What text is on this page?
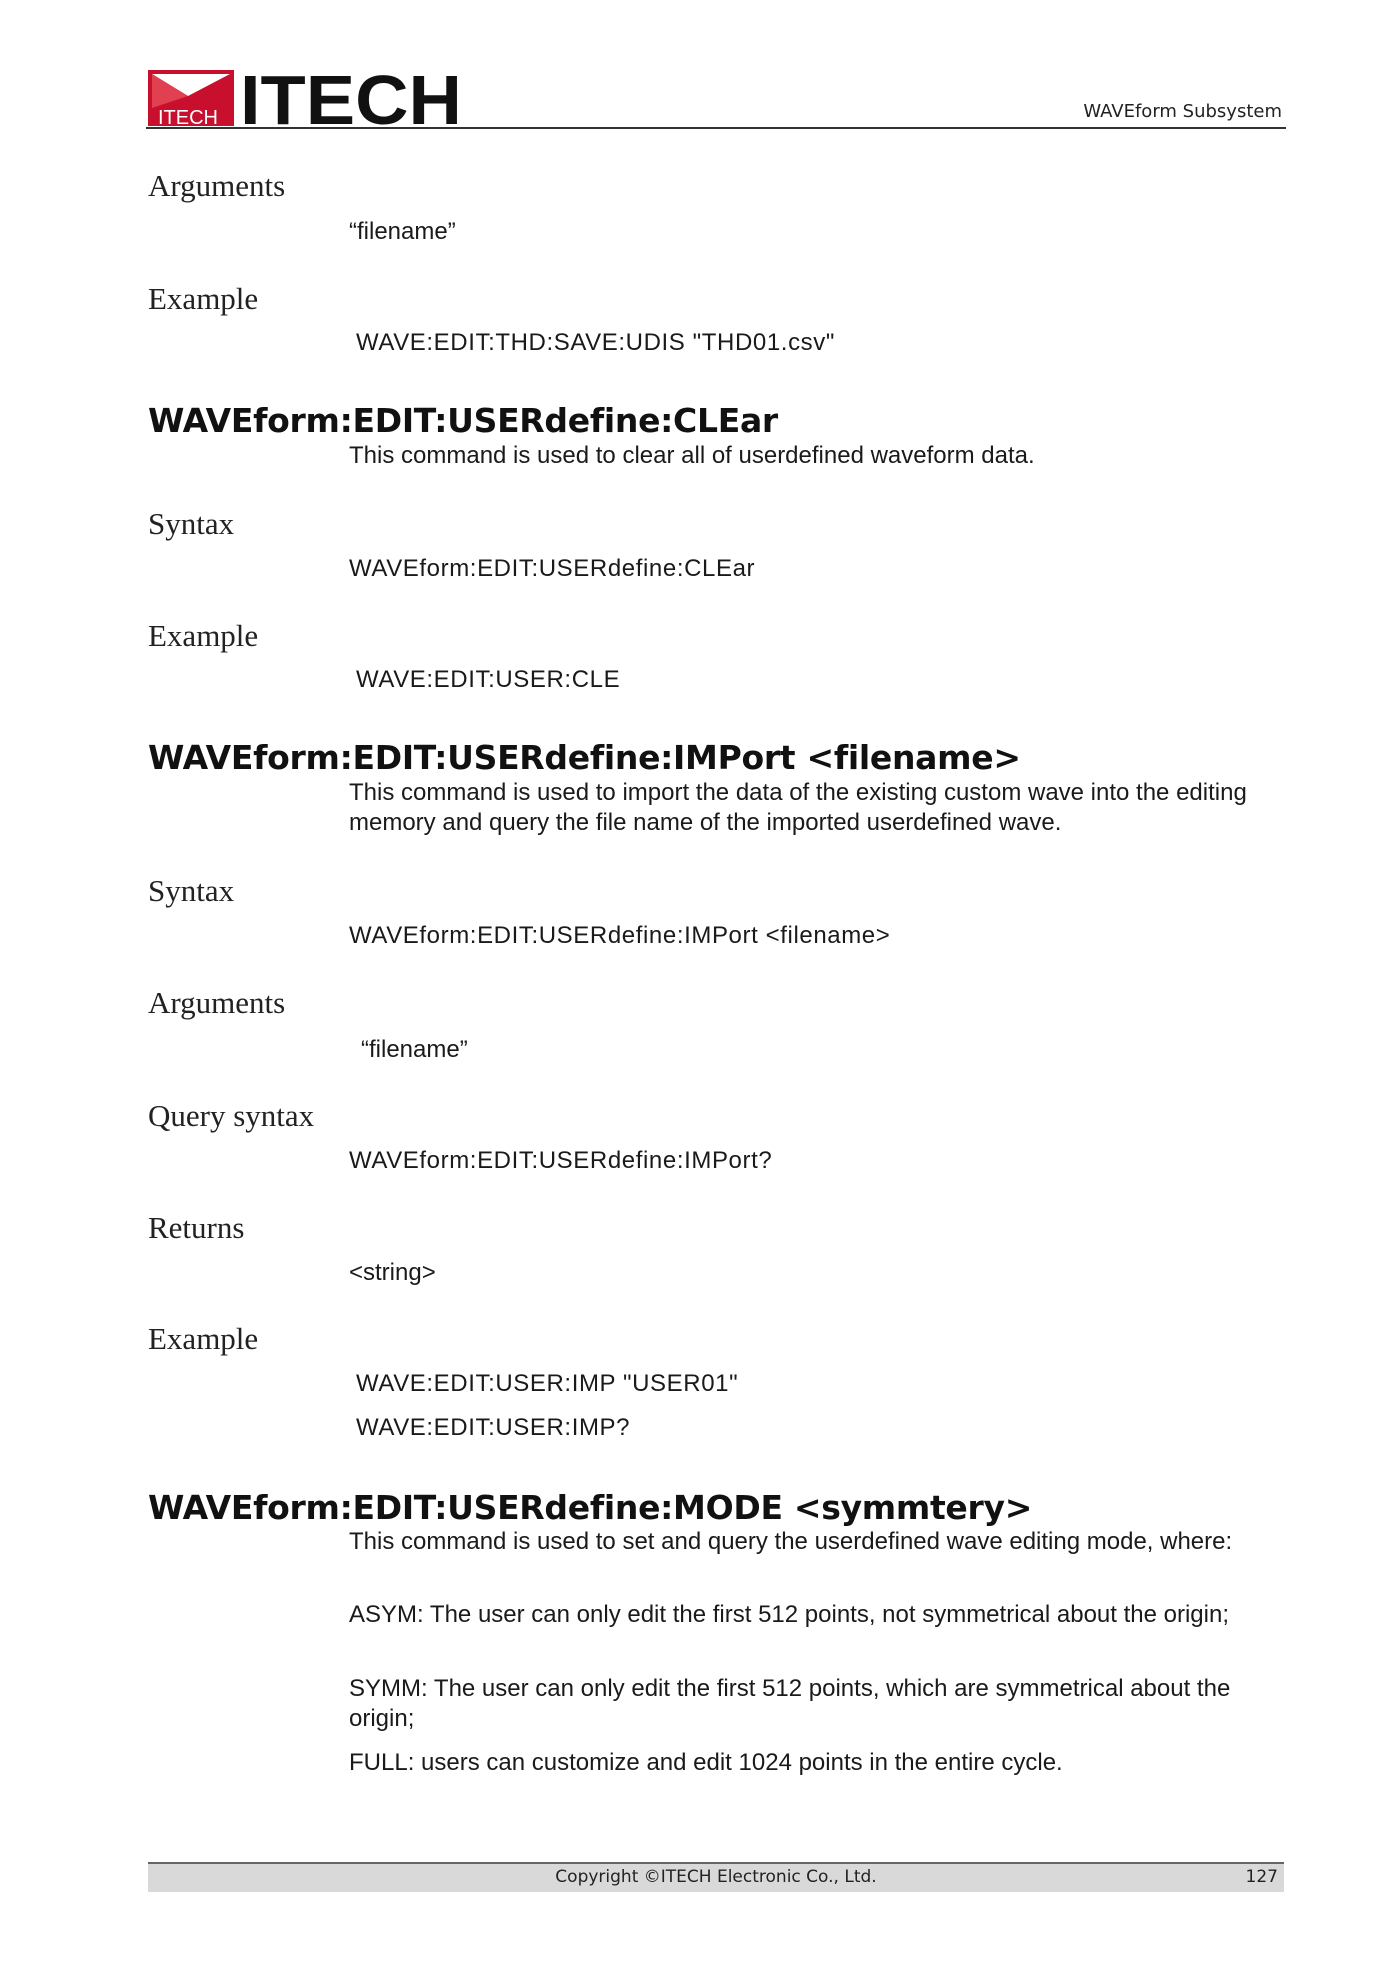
ITECH ITECH	WAVEform Subsystem
Arguments
“filename”
Example
WAVE:EDIT:THD:SAVE:UDIS "THD01.csv"
WAVEform:EDIT:USERdefine:CLEar
This command is used to clear all of userdefined waveform data.
Syntax
WAVEform:EDIT:USERdefine:CLEar
Example
WAVE:EDIT:USER:CLE
WAVEform:EDIT:USERdefine:IMPort <filename>
This command is used to import the data of the existing custom wave into the editing memory and query the file name of the imported userdefined wave.
Syntax
WAVEform:EDIT:USERdefine:IMPort <filename>
Arguments
“filename”
Query syntax
WAVEform:EDIT:USERdefine:IMPort?
Returns
<string>
Example
WAVE:EDIT:USER:IMP "USER01"
WAVE:EDIT:USER:IMP?
WAVEform:EDIT:USERdefine:MODE <symmtery>
This command is used to set and query the userdefined wave editing mode, where:
ASYM: The user can only edit the first 512 points, not symmetrical about the origin;
SYMM: The user can only edit the first 512 points, which are symmetrical about the origin;
FULL: users can customize and edit 1024 points in the entire cycle.
Copyright ©ITECH Electronic Co., Ltd.	127
